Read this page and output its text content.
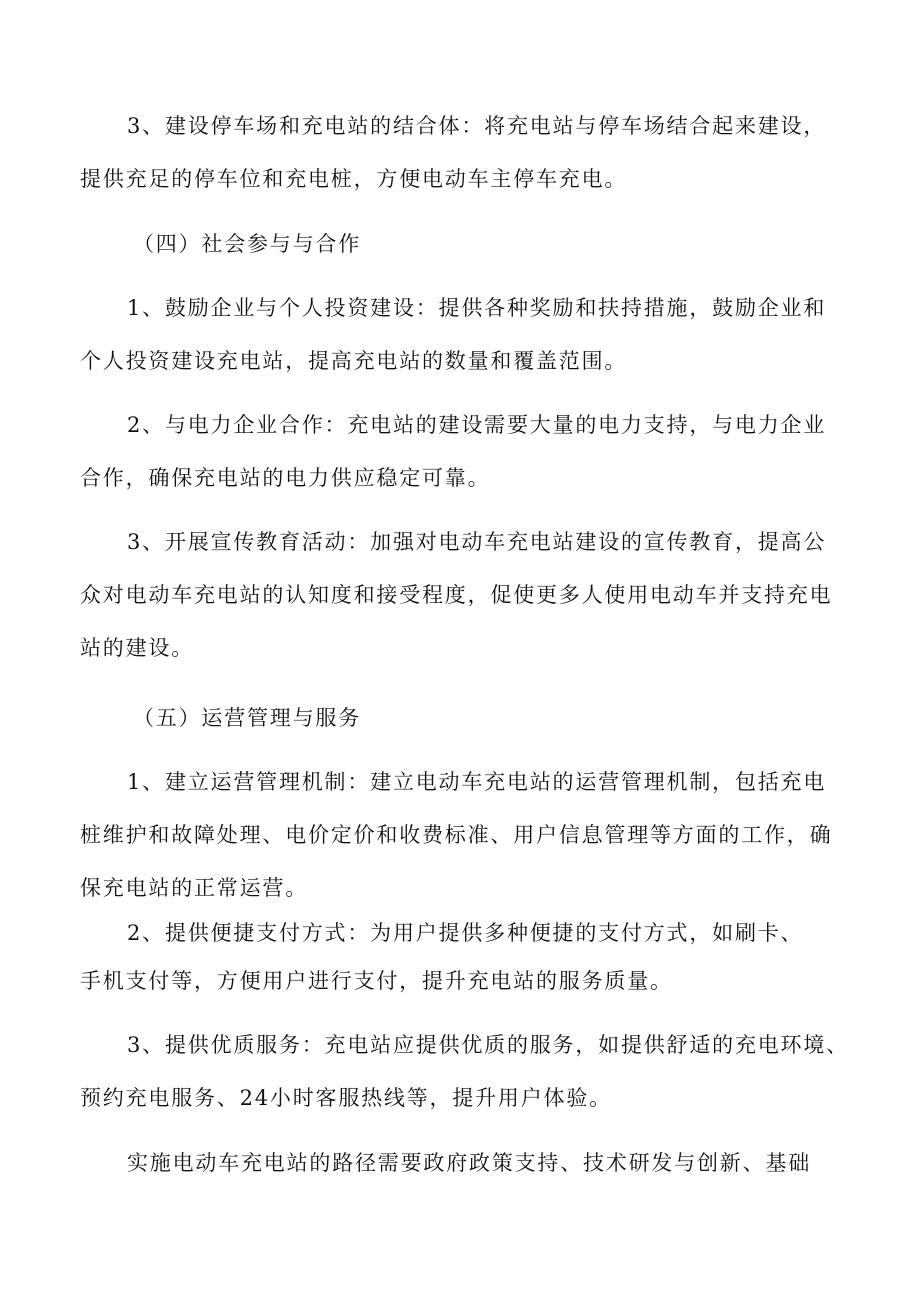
3、建设停车场和充电站的结合体：将充电站与停车场结合起来建设，
提供充足的停车位和充电桩，方便电动车主停车充电。
（四）社会参与与合作
1、鼓励企业与个人投资建设：提供各种奖励和扶持措施，鼓励企业和
个人投资建设充电站，提高充电站的数量和覆盖范围。
2、与电力企业合作：充电站的建设需要大量的电力支持，与电力企业
合作，确保充电站的电力供应稳定可靠。
3、开展宣传教育活动：加强对电动车充电站建设的宣传教育，提高公
众对电动车充电站的认知度和接受程度，促使更多人使用电动车并支持充电
站的建设。
（五）运营管理与服务
1、建立运营管理机制：建立电动车充电站的运营管理机制，包括充电
桩维护和故障处理、电价定价和收费标准、用户信息管理等方面的工作，确
保充电站的正常运营。
2、提供便捷支付方式：为用户提供多种便捷的支付方式，如刷卡、
手机支付等，方便用户进行支付，提升充电站的服务质量。
3、提供优质服务：充电站应提供优质的服务，如提供舒适的充电环境、
预约充电服务、24小时客服热线等，提升用户体验。
实施电动车充电站的路径需要政府政策支持、技术研发与创新、基础
